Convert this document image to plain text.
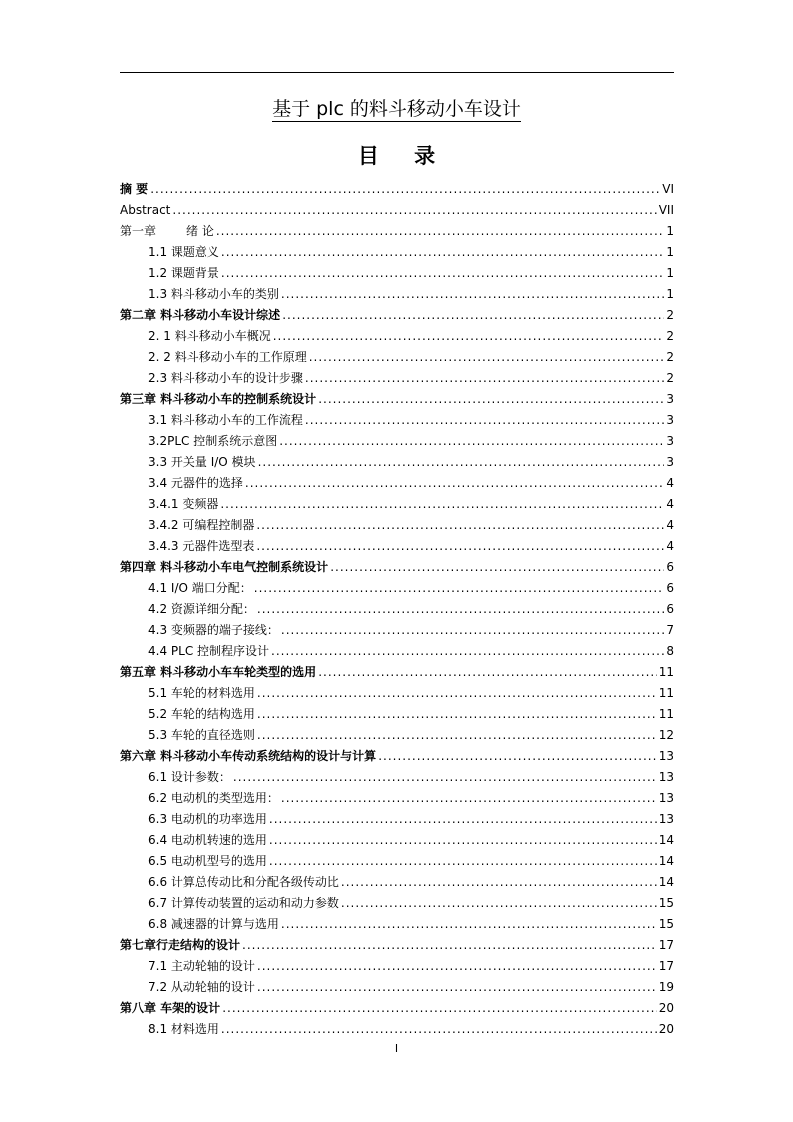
基于 plc 的料斗移动小车设计
目 录
摘 要 .....	VI
Abstract .....	VII
第一章	绪 论 .....	1
1.1 课题意义 .....	1
1.2 课题背景 .....	1
1.3 料斗移动小车的类别 .....	1
第二章 料斗移动小车设计综述 .....	2
2. 1 料斗移动小车概况 .....	2
2. 2 料斗移动小车的工作原理 .....	2
2.3 料斗移动小车的设计步骤 .....	2
第三章 料斗移动小车的控制系统设计 .....	3
3.1 料斗移动小车的工作流程 .....	3
3.2PLC 控制系统示意图 .....	3
3.3 开关量 I/O 模块 .....	3
3.4 元器件的选择 .....	4
3.4.1 变频器 .....	4
3.4.2 可编程控制器 .....	4
3.4.3 元器件选型表 .....	4
第四章 料斗移动小车电气控制系统设计 .....	6
4.1 I/O 端口分配： .....	6
4.2 资源详细分配： .....	6
4.3 变频器的端子接线： .....	7
4.4 PLC 控制程序设计 .....	8
第五章 料斗移动小车车轮类型的选用 .....	11
5.1 车轮的材料选用 .....	11
5.2 车轮的结构选用 .....	11
5.3 车轮的直径选则 .....	12
第六章 料斗移动小车传动系统结构的设计与计算 .....	13
6.1 设计参数： .....	13
6.2 电动机的类型选用： .....	13
6.3 电动机的功率选用 .....	13
6.4 电动机转速的选用 .....	14
6.5 电动机型号的选用 .....	14
6.6 计算总传动比和分配各级传动比 .....	14
6.7 计算传动装置的运动和动力参数 .....	15
6.8 减速器的计算与选用 .....	15
第七章行走结构的设计 .....	17
7.1 主动轮轴的设计 .....	17
7.2 从动轮轴的设计 .....	19
第八章 车架的设计 .....	20
8.1 材料选用 .....	20
I
